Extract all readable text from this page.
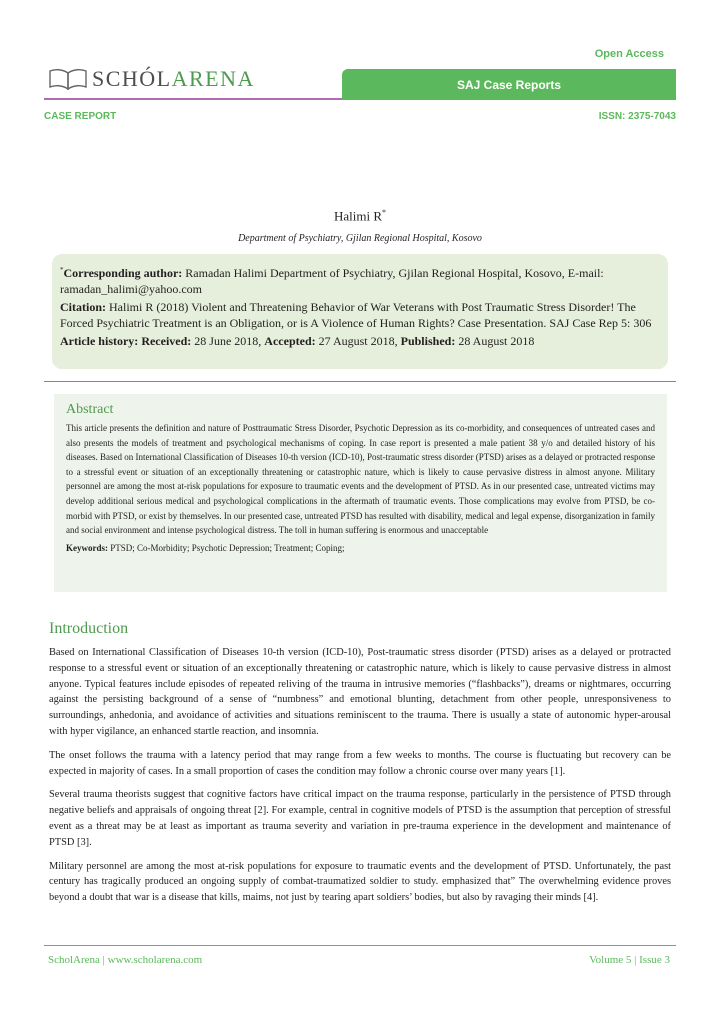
Open Access
SCHÓLARENA	SAJ Case Reports
CASE REPORT	ISSN: 2375-7043
Halimi R*
Department of Psychiatry, Gjilan Regional Hospital, Kosovo

*Corresponding author: Ramadan Halimi Department of Psychiatry, Gjilan Regional Hospital, Kosovo, E-mail: ramadan_halimi@yahoo.com

Citation: Halimi R (2018) Violent and Threatening Behavior of War Veterans with Post Traumatic Stress Disorder! The Forced Psychiatric Treatment is an Obligation, or is A Violence of Human Rights? Case Presentation. SAJ Case Rep 5: 306

Article history: Received: 28 June 2018, Accepted: 27 August 2018, Published: 28 August 2018

Abstract
This article presents the definition and nature of Posttraumatic Stress Disorder, Psychotic Depression as its co-morbidity, and consequences of untreated cases and also presents the models of treatment and psychological mechanisms of coping. In case report is presented a male patient 38 y/o and detailed history of his diseases. Based on International Classification of Diseases 10-th version (ICD-10), Post-traumatic stress disorder (PTSD) arises as a delayed or protracted response to a stressful event or situation of an exceptionally threatening or catastrophic nature, which is likely to cause pervasive distress in almost anyone. Military personnel are among the most at-risk populations for exposure to traumatic events and the development of PTSD. As in our presented case, untreated victims may develop additional serious medical and psychological complications in the aftermath of traumatic events. Those complications may evolve from PTSD, be co-morbid with PTSD, or exist by themselves. In our presented case, untreated PTSD has resulted with disability, medical and legal expense, disorganization in family and social environment and intense psychological distress. The toll in human suffering is enormous and unacceptable
Keywords: PTSD; Co-Morbidity; Psychotic Depression; Treatment; Coping;
Introduction

Based on International Classification of Diseases 10-th version (ICD-10), Post-traumatic stress disorder (PTSD) arises as a delayed or protracted response to a stressful event or situation of an exceptionally threatening or catastrophic nature, which is likely to cause pervasive distress in almost anyone. Typical features include episodes of repeated reliving of the trauma in intrusive memories (“flashbacks”), dreams or nightmares, occurring against the persisting background of a sense of “numbness” and emotional blunting, detachment from other people, unresponsiveness to surroundings, anhedonia, and avoidance of activities and situations reminiscent to the trauma. There is usually a state of autonomic hyper-arousal with hyper vigilance, an enhanced startle reaction, and insomnia.

The onset follows the trauma with a latency period that may range from a few weeks to months. The course is fluctuating but recovery can be expected in majority of cases. In a small proportion of cases the condition may follow a chronic course over many years [1].

Several trauma theorists suggest that cognitive factors have critical impact on the trauma response, particularly in the persistence of PTSD through negative beliefs and appraisals of ongoing threat [2]. For example, central in cognitive models of PTSD is the assumption that perception of stressful event as a threat may be at least as important as trauma severity and variation in pre-trauma experience in the development and maintenance of PTSD [3].

Military personnel are among the most at-risk populations for exposure to traumatic events and the development of PTSD. Unfortunately, the past century has tragically produced an ongoing supply of combat-traumatized soldier to study. emphasized that” The overwhelming evidence proves beyond a doubt that war is a disease that kills, maims, not just by tearing apart soldiers’ bodies, but also by ravaging their minds [4].

ScholArena | www.scholarena.com	Volume 5 | Issue 3
